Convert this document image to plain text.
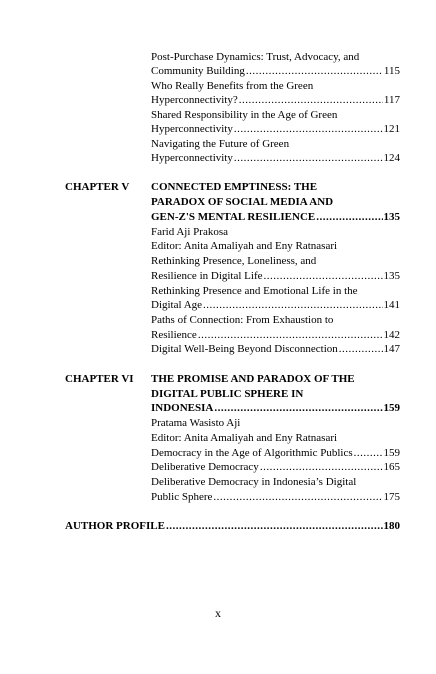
Post-Purchase Dynamics: Trust, Advocacy, and
Community Building .....	115
Who Really Benefits from the Green
Hyperconnectivity? .....	117
Shared Responsibility in the Age of Green
Hyperconnectivity .....	121
Navigating the Future of Green
Hyperconnectivity .....	124
CHAPTER V	CONNECTED EMPTINESS: THE
PARADOX OF SOCIAL MEDIA AND
GEN-Z'S MENTAL RESILIENCE .....	135
Farid Aji Prakosa
Editor: Anita Amaliyah and Eny Ratnasari
Rethinking Presence, Loneliness, and
Resilience in Digital Life .....	135
Rethinking Presence and Emotional Life in the
Digital Age .....	141
Paths of Connection: From Exhaustion to
Resilience .....	142
Digital Well-Being Beyond Disconnection .....	147
CHAPTER VI	THE PROMISE AND PARADOX OF THE
DIGITAL PUBLIC SPHERE IN
INDONESIA .....	159
Pratama Wasisto Aji
Editor: Anita Amaliyah and Eny Ratnasari
Democracy in the Age of Algorithmic Publics .....	159
Deliberative Democracy .....	165
Deliberative Democracy in Indonesia’s Digital
Public Sphere .....	175
AUTHOR PROFILE .....	180
x
